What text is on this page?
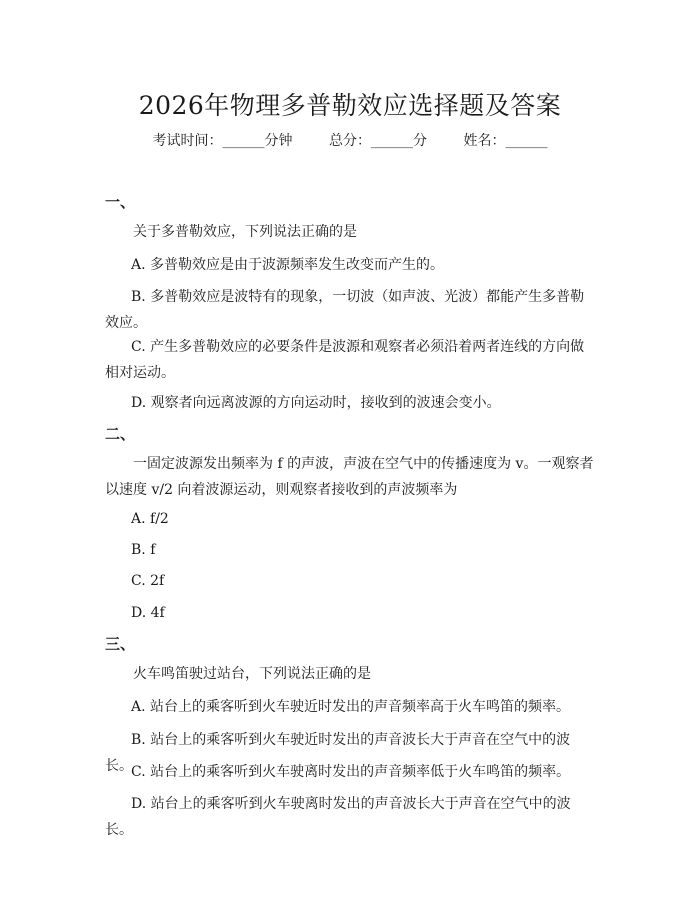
2026年物理多普勒效应选择题及答案
考试时间：______分钟	总分：______分	姓名：______
一、
关于多普勒效应，下列说法正确的是
A. 多普勒效应是由于波源频率发生改变而产生的。
B. 多普勒效应是波特有的现象，一切波（如声波、光波）都能产生多普勒效应。
C. 产生多普勒效应的必要条件是波源和观察者必须沿着两者连线的方向做相对运动。
D. 观察者向远离波源的方向运动时，接收到的波速会变小。
二、
一固定波源发出频率为 f 的声波，声波在空气中的传播速度为 v。一观察者以速度 v/2 向着波源运动，则观察者接收到的声波频率为
A. f/2
B. f
C. 2f
D. 4f
三、
火车鸣笛驶过站台，下列说法正确的是
A. 站台上的乘客听到火车驶近时发出的声音频率高于火车鸣笛的频率。
B. 站台上的乘客听到火车驶近时发出的声音波长大于声音在空气中的波长。
C. 站台上的乘客听到火车驶离时发出的声音频率低于火车鸣笛的频率。
D. 站台上的乘客听到火车驶离时发出的声音波长大于声音在空气中的波长。
